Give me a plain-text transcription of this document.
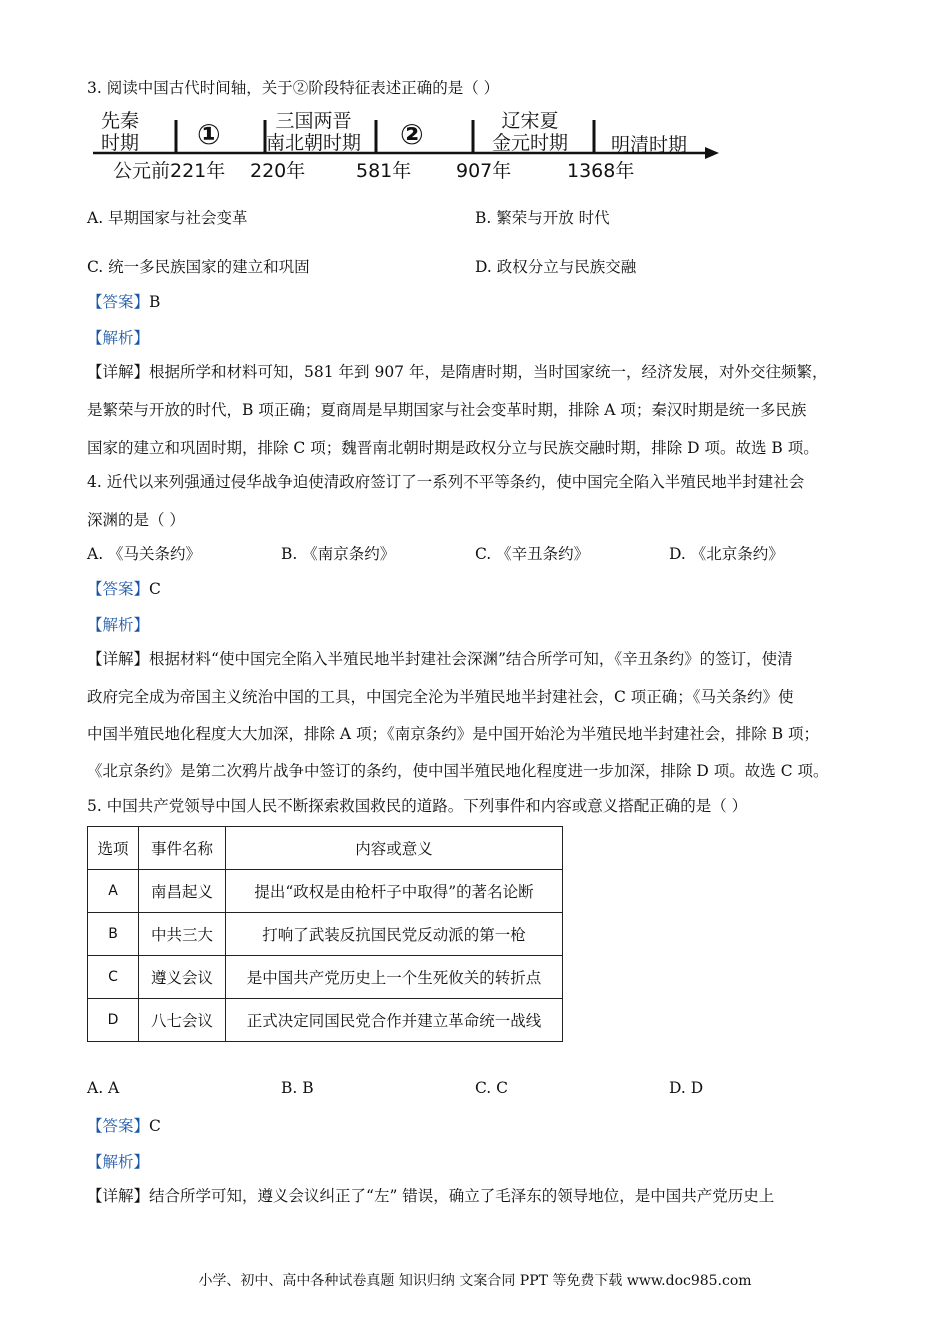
3. 阅读中国古代时间轴，关于②阶段特征表述正确的是（ ）
先秦
时期 ①	三国两晋
南北朝时期 ②	辽宋夏
金元时期 明清时期
公元前221年 220年	581年 907年	1368年
A. 早期国家与社会变革	B. 繁荣与开放 时代
C. 统一多民族国家的建立和巩固	D. 政权分立与民族交融
【答案】B
【解析】
【详解】根据所学和材料可知，581 年到 907 年，是隋唐时期，当时国家统一，经济发展，对外交往频繁，
是繁荣与开放的时代，B 项正确；夏商周是早期国家与社会变革时期，排除 A 项；秦汉时期是统一多民族
国家的建立和巩固时期，排除 C 项；魏晋南北朝时期是政权分立与民族交融时期，排除 D 项。故选 B 项。
4. 近代以来列强通过侵华战争迫使清政府签订了一系列不平等条约，使中国完全陷入半殖民地半封建社会
深渊的是（ ）
A. 《马关条约》	B. 《南京条约》	C. 《辛丑条约》	D. 《北京条约》
【答案】C
【解析】
【详解】根据材料“使中国完全陷入半殖民地半封建社会深渊”结合所学可知，《辛丑条约》的签订，使清
政府完全成为帝国主义统治中国的工具，中国完全沦为半殖民地半封建社会，C 项正确；《马关条约》使
中国半殖民地化程度大大加深，排除 A 项；《南京条约》是中国开始沦为半殖民地半封建社会，排除 B 项；
《北京条约》是第二次鸦片战争中签订的条约，使中国半殖民地化程度进一步加深，排除 D 项。故选 C 项。
5. 中国共产党领导中国人民不断探索救国救民的道路。下列事件和内容或意义搭配正确的是（ ）
选项	事件名称	内容或意义
A	南昌起义	提出“政权是由枪杆子中取得”的著名论断
B	中共三大	打响了武装反抗国民党反动派的第一枪
C	遵义会议	是中国共产党历史上一个生死攸关的转折点
D	八七会议	正式决定同国民党合作并建立革命统一战线
A. A	B. B	C. C	D. D
【答案】C
【解析】
【详解】结合所学可知，遵义会议纠正了“左” 错误，确立了毛泽东的领导地位，是中国共产党历史上
小学、初中、高中各种试卷真题 知识归纳 文案合同 PPT 等免费下载 www.doc985.com
